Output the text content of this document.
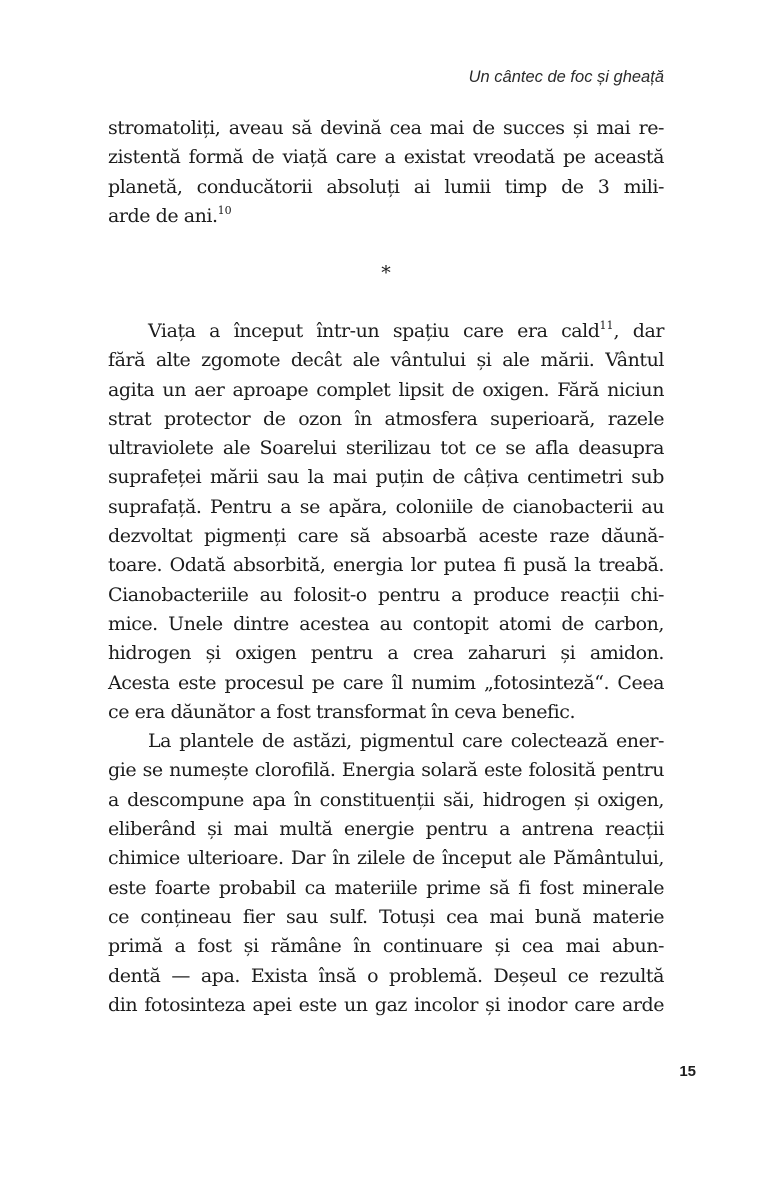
Un cântec de foc și gheață
stromatoliți, aveau să devină cea mai de succes și mai re-
zistentă formă de viață care a existat vreodată pe această
planetă, conducătorii absoluți ai lumii timp de 3 mili-
arde de ani.$^{10}$
*
Viața a început într-un spațiu care era cald$^{11}$, dar
fără alte zgomote decât ale vântului și ale mării. Vântul
agita un aer aproape complet lipsit de oxigen. Fără niciun
strat protector de ozon în atmosfera superioară, razele
ultraviolete ale Soarelui sterilizau tot ce se afla deasupra
suprafeței mării sau la mai puțin de câțiva centimetri sub
suprafață. Pentru a se apăra, coloniile de cianobacterii au
dezvoltat pigmenți care să absoarbă aceste raze dăună-
toare. Odată absorbită, energia lor putea fi pusă la treabă.
Cianobacteriile au folosit-o pentru a produce reacții chi-
mice. Unele dintre acestea au contopit atomi de carbon,
hidrogen și oxigen pentru a crea zaharuri și amidon.
Acesta este procesul pe care îl numim „fotosinteză“. Ceea
ce era dăunător a fost transformat în ceva benefic.
La plantele de astăzi, pigmentul care colectează ener-
gie se numește clorofilă. Energia solară este folosită pentru
a descompune apa în constituenții săi, hidrogen și oxigen,
eliberând și mai multă energie pentru a antrena reacții
chimice ulterioare. Dar în zilele de început ale Pământului,
este foarte probabil ca materiile prime să fi fost minerale
ce conțineau fier sau sulf. Totuși cea mai bună materie
primă a fost și rămâne în continuare și cea mai abun-
dentă — apa. Exista însă o problemă. Deșeul ce rezultă
din fotosinteza apei este un gaz incolor și inodor care arde
15
